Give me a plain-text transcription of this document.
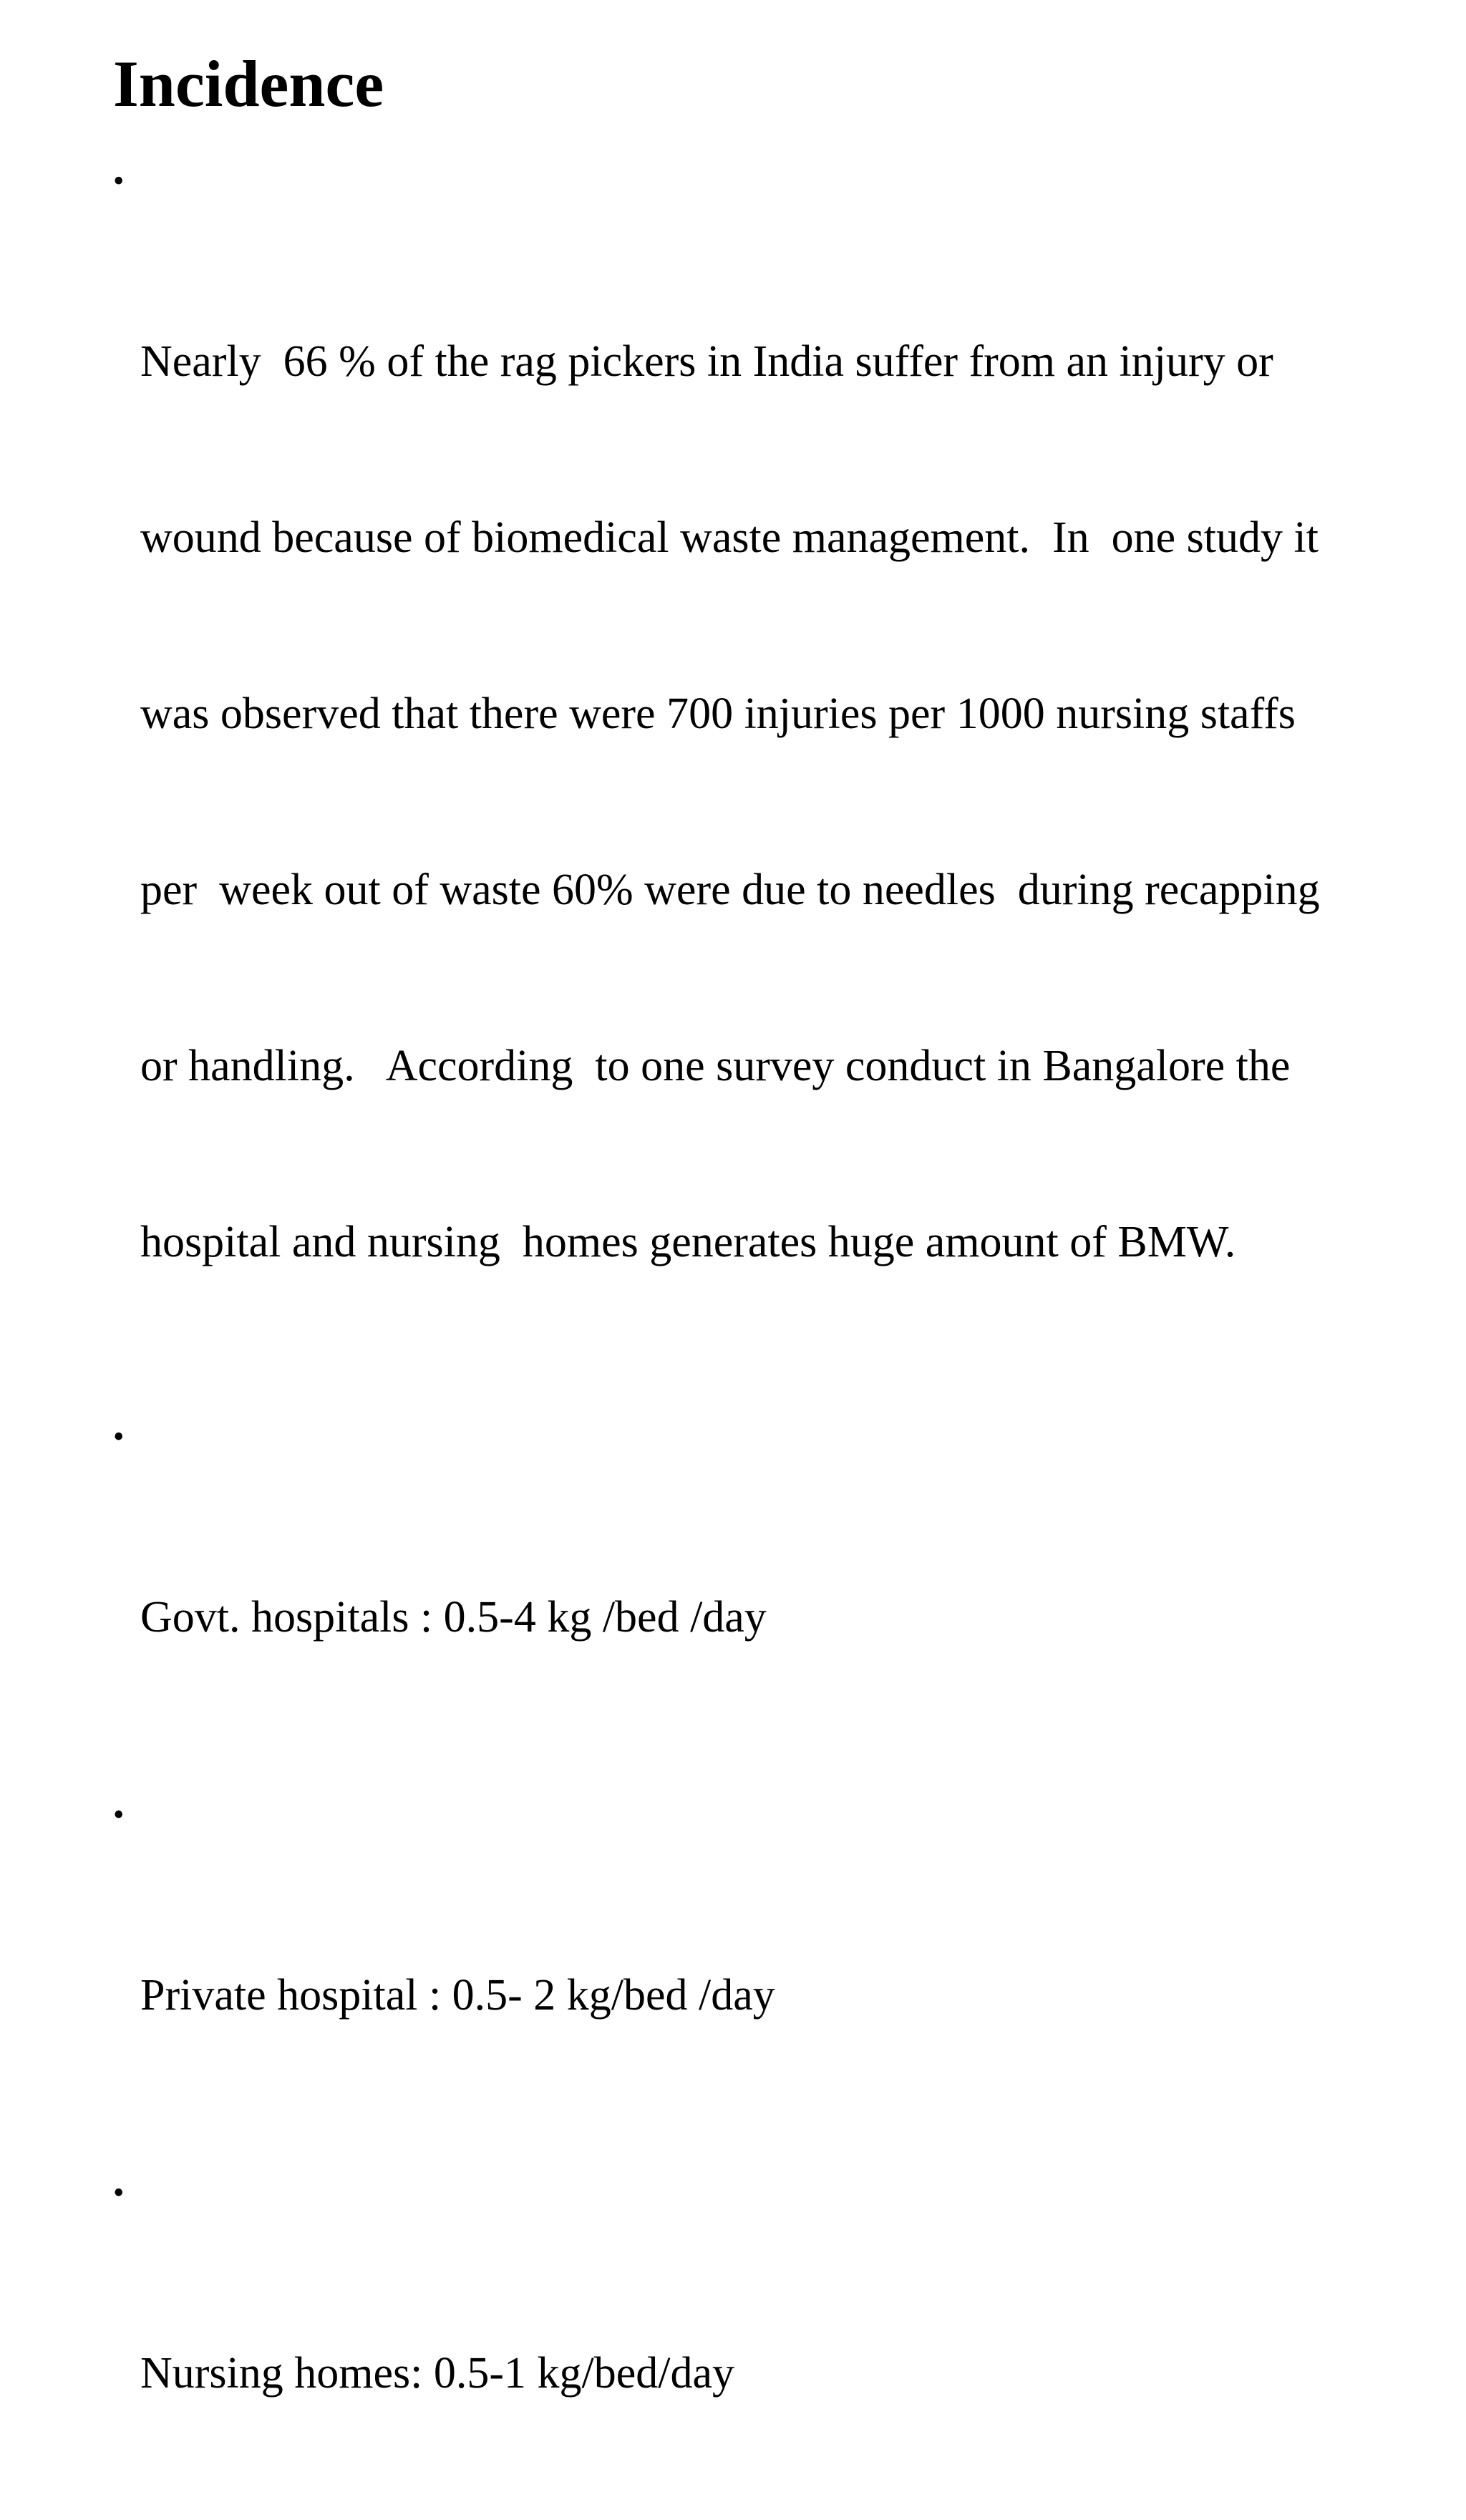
Incidence

•

Nearly  66 % of the rag pickers in India suffer from an injury or

wound because of biomedical waste management.  In  one study it

was observed that there were 700 injuries per 1000 nursing staffs

per  week out of waste 60% were due to needles  during recapping

or handling.   According  to one survey conduct in Bangalore the

hospital and nursing  homes generates huge amount of BMW.

•

Govt. hospitals : 0.5-4 kg /bed /day

•

Private hospital : 0.5- 2 kg/bed /day

•

Nursing homes: 0.5-1 kg/bed/day
